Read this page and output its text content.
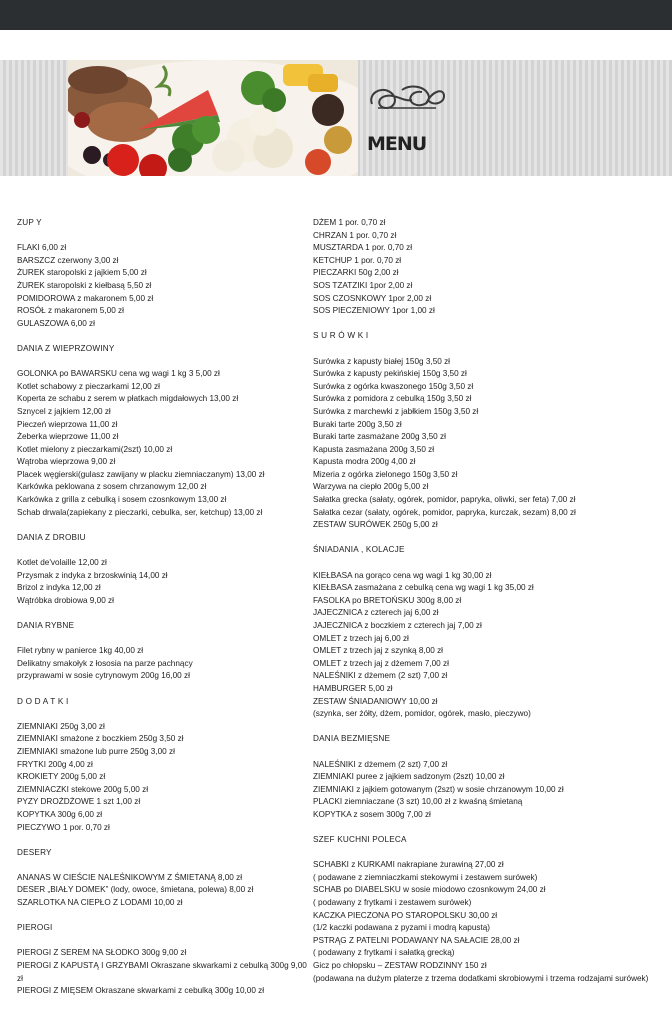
MENU
ZUP Y
FLAKI 6,00 zł
BARSZCZ czerwony 3,00 zł
ŻUREK staropolski z jajkiem 5,00 zł
ŻUREK staropolski z kiełbasą 5,50 zł
POMIDOROWA z makaronem 5,00 zł
ROSÓŁ z makaronem 5,00 zł
GULASZOWA 6,00 zł
DANIA Z WIEPRZOWINY
GOLONKA po BAWARSKU cena wg wagi 1 kg 3 5,00 zł
Kotlet schabowy z pieczarkami 12,00 zł
Koperta ze schabu z serem w płatkach migdałowych 13,00 zł
Sznycel z jajkiem 12,00 zł
Pieczeń wieprzowa 11,00 zł
Żeberka wieprzowe 11,00 zł
Kotlet mielony z pieczarkami(2szt) 10,00 zł
Wątroba wieprzowa 9,00 zł
Placek węgierski(gulasz zawijany w placku ziemniaczanym) 13,00 zł
Karkówka peklowana z sosem chrzanowym 12,00 zł
Karkówka z grilla z cebulką i sosem czosnkowym 13,00 zł
Schab drwala(zapiekany z pieczarki, cebulka, ser, ketchup) 13,00 zł
DANIA Z DROBIU
Kotlet de'volaille 12,00 zł
Przysmak z indyka z brzoskwinią 14,00 zł
Brizol z indyka 12,00 zł
Wątróbka drobiowa 9,00 zł
DANIA RYBNE
Filet rybny w panierce 1kg 40,00 zł
Delikatny smakołyk z łososia na parze pachnący
przyprawami w sosie cytrynowym 200g 16,00 zł
D O D A T K I
ZIEMNIAKI 250g 3,00 zł
ZIEMNIAKI smażone z boczkiem 250g 3,50 zł
ZIEMNIAKI smażone lub purre 250g 3,00 zł
FRYTKI 200g 4,00 zł
KROKIETY 200g 5,00 zł
ZIEMNIACZKI stekowe 200g 5,00 zł
PYZY DROŻDŻOWE 1 szt 1,00 zł
KOPYTKA 300g 6,00 zł
PIECZYWO 1 por. 0,70 zł
DESERY
ANANAS W CIEŚCIE NALEŚNIKOWYM Z ŚMIETANĄ 8,00 zł
DESER „BIAŁY DOMEK” (lody, owoce, śmietana, polewa) 8,00 zł
SZARLOTKA NA CIEPŁO Z LODAMI 10,00 zł
PIEROGI
PIEROGI Z SEREM NA SŁODKO 300g 9,00 zł
PIEROGI Z KAPUSTĄ I GRZYBAMI Okraszane skwarkami z cebulką 300g 9,00
zł
PIEROGI Z MIĘSEM Okraszane skwarkami z cebulką 300g 10,00 zł
DŻEM 1 por. 0,70 zł
CHRZAN 1 por. 0,70 zł
MUSZTARDA 1 por. 0,70 zł
KETCHUP 1 por. 0,70 zł
PIECZARKI 50g 2,00 zł
SOS TZATZIKI 1por 2,00 zł
SOS CZOSNKOWY 1por 2,00 zł
SOS PIECZENIOWY 1por 1,00 zł
S U R Ó W K I
Surówka z kapusty białej 150g 3,50 zł
Surówka z kapusty pekińskiej 150g 3,50 zł
Surówka z ogórka kwaszonego 150g 3,50 zł
Surówka z pomidora z cebulką 150g 3,50 zł
Surówka z marchewki z jabłkiem 150g 3,50 zł
Buraki tarte 200g 3,50 zł
Buraki tarte zasmażane 200g 3,50 zł
Kapusta zasmażana 200g 3,50 zł
Kapusta modra 200g 4,00 zł
Mizeria z ogórka zielonego 150g 3,50 zł
Warzywa na ciepło 200g 5,00 zł
Sałatka grecka (sałaty, ogórek, pomidor, papryka, oliwki, ser feta) 7,00 zł
Sałatka cezar (sałaty, ogórek, pomidor, papryka, kurczak, sezam) 8,00 zł
ZESTAW SURÓWEK 250g 5,00 zł
ŚNIADANIA , KOLACJE
KIEŁBASA na gorąco cena wg wagi 1 kg 30,00 zł
KIEŁBASA zasmażana z cebulką cena wg wagi 1 kg 35,00 zł
FASOLKA po BRETOŃSKU 300g 8,00 zł
JAJECZNICA z czterech jaj 6,00 zł
JAJECZNICA z boczkiem z czterech jaj 7,00 zł
OMLET z trzech jaj 6,00 zł
OMLET z trzech jaj z szynką 8,00 zł
OMLET z trzech jaj z dżemem 7,00 zł
NALEŚNIKI z dżemem (2 szt) 7,00 zł
HAMBURGER 5,00 zł
ZESTAW ŚNIADANIOWY 10,00 zł
(szynka, ser żółty, dżem, pomidor, ogórek, masło, pieczywo)
DANIA BEZMIĘSNE
NALEŚNIKI z dżemem (2 szt) 7,00 zł
ZIEMNIAKI puree z jajkiem sadzonym (2szt) 10,00 zł
ZIEMNIAKI z jajkiem gotowanym (2szt) w sosie chrzanowym 10,00 zł
PLACKI ziemniaczane (3 szt) 10,00 zł z kwaśną śmietaną
KOPYTKA z sosem 300g 7,00 zł
SZEF KUCHNI POLECA
SCHABKI z KURKAMI nakrapiane żurawiną 27,00 zł
( podawane z ziemniaczkami stekowymi i zestawem surówek)
SCHAB po DIABELSKU w sosie miodowo czosnkowym 24,00 zł
( podawany z frytkami i zestawem surówek)
KACZKA PIECZONA PO STAROPOLSKU 30,00 zł
(1/2 kaczki podawana z pyzami i modrą kapustą)
PSTRĄG Z PATELNI PODAWANY NA SAŁACIE 28,00 zł
( podawany z frytkami i sałatką grecką)
Gicz po chłopsku – ZESTAW RODZINNY 150 zł
(podawana na dużym platerze z trzema dodatkami skrobiowymi i trzema rodzajami surówek)
